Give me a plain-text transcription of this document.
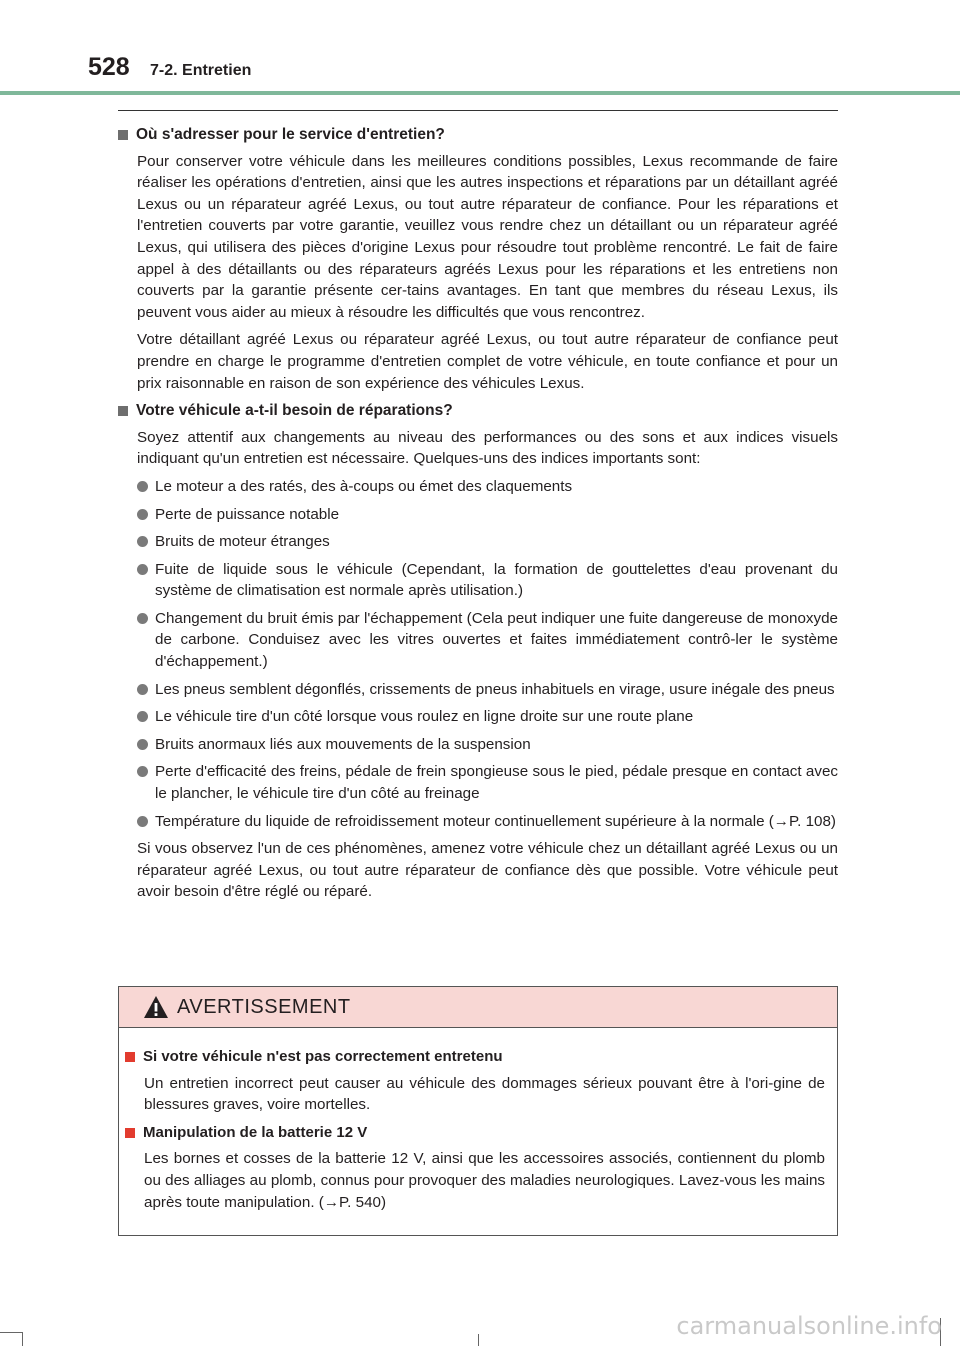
528 7-2. Entretien
Où s'adresser pour le service d'entretien?

Pour conserver votre véhicule dans les meilleures conditions possibles, Lexus recommande de faire réaliser les opérations d'entretien, ainsi que les autres inspections et réparations par un détaillant agréé Lexus ou un réparateur agréé Lexus, ou tout autre réparateur de confiance. Pour les réparations et l'entretien couverts par votre garantie, veuillez vous rendre chez un détaillant ou un réparateur agréé Lexus, qui utilisera des pièces d'origine Lexus pour résoudre tout problème rencontré. Le fait de faire appel à des détaillants ou des réparateurs agréés Lexus pour les réparations et les entretiens non couverts par la garantie présente cer-tains avantages. En tant que membres du réseau Lexus, ils peuvent vous aider au mieux à résoudre les difficultés que vous rencontrez.

Votre détaillant agréé Lexus ou réparateur agréé Lexus, ou tout autre réparateur de confiance peut prendre en charge le programme d'entretien complet de votre véhicule, en toute confiance et pour un prix raisonnable en raison de son expérience des véhicules Lexus.

Votre véhicule a-t-il besoin de réparations?

Soyez attentif aux changements au niveau des performances ou des sons et aux indices visuels indiquant qu'un entretien est nécessaire. Quelques-uns des indices importants sont:

Le moteur a des ratés, des à-coups ou émet des claquements
Perte de puissance notable
Bruits de moteur étranges
Fuite de liquide sous le véhicule (Cependant, la formation de gouttelettes d'eau provenant du système de climatisation est normale après utilisation.)
Changement du bruit émis par l'échappement (Cela peut indiquer une fuite dangereuse de monoxyde de carbone. Conduisez avec les vitres ouvertes et faites immédiatement contrô-ler le système d'échappement.)
Les pneus semblent dégonflés, crissements de pneus inhabituels en virage, usure inégale des pneus
Le véhicule tire d'un côté lorsque vous roulez en ligne droite sur une route plane
Bruits anormaux liés aux mouvements de la suspension
Perte d'efficacité des freins, pédale de frein spongieuse sous le pied, pédale presque en contact avec le plancher, le véhicule tire d'un côté au freinage
Température du liquide de refroidissement moteur continuellement supérieure à la normale (→P. 108)

Si vous observez l'un de ces phénomènes, amenez votre véhicule chez un détaillant agréé Lexus ou un réparateur agréé Lexus, ou tout autre réparateur de confiance dès que possible. Votre véhicule peut avoir besoin d'être réglé ou réparé.

AVERTISSEMENT
Si votre véhicule n'est pas correctement entretenu

Un entretien incorrect peut causer au véhicule des dommages sérieux pouvant être à l'ori-gine de blessures graves, voire mortelles.

Manipulation de la batterie 12 V

Les bornes et cosses de la batterie 12 V, ainsi que les accessoires associés, contiennent du plomb ou des alliages au plomb, connus pour provoquer des maladies neurologiques. Lavez-vous les mains après toute manipulation. (→P. 540)

carmanualsonline.info
